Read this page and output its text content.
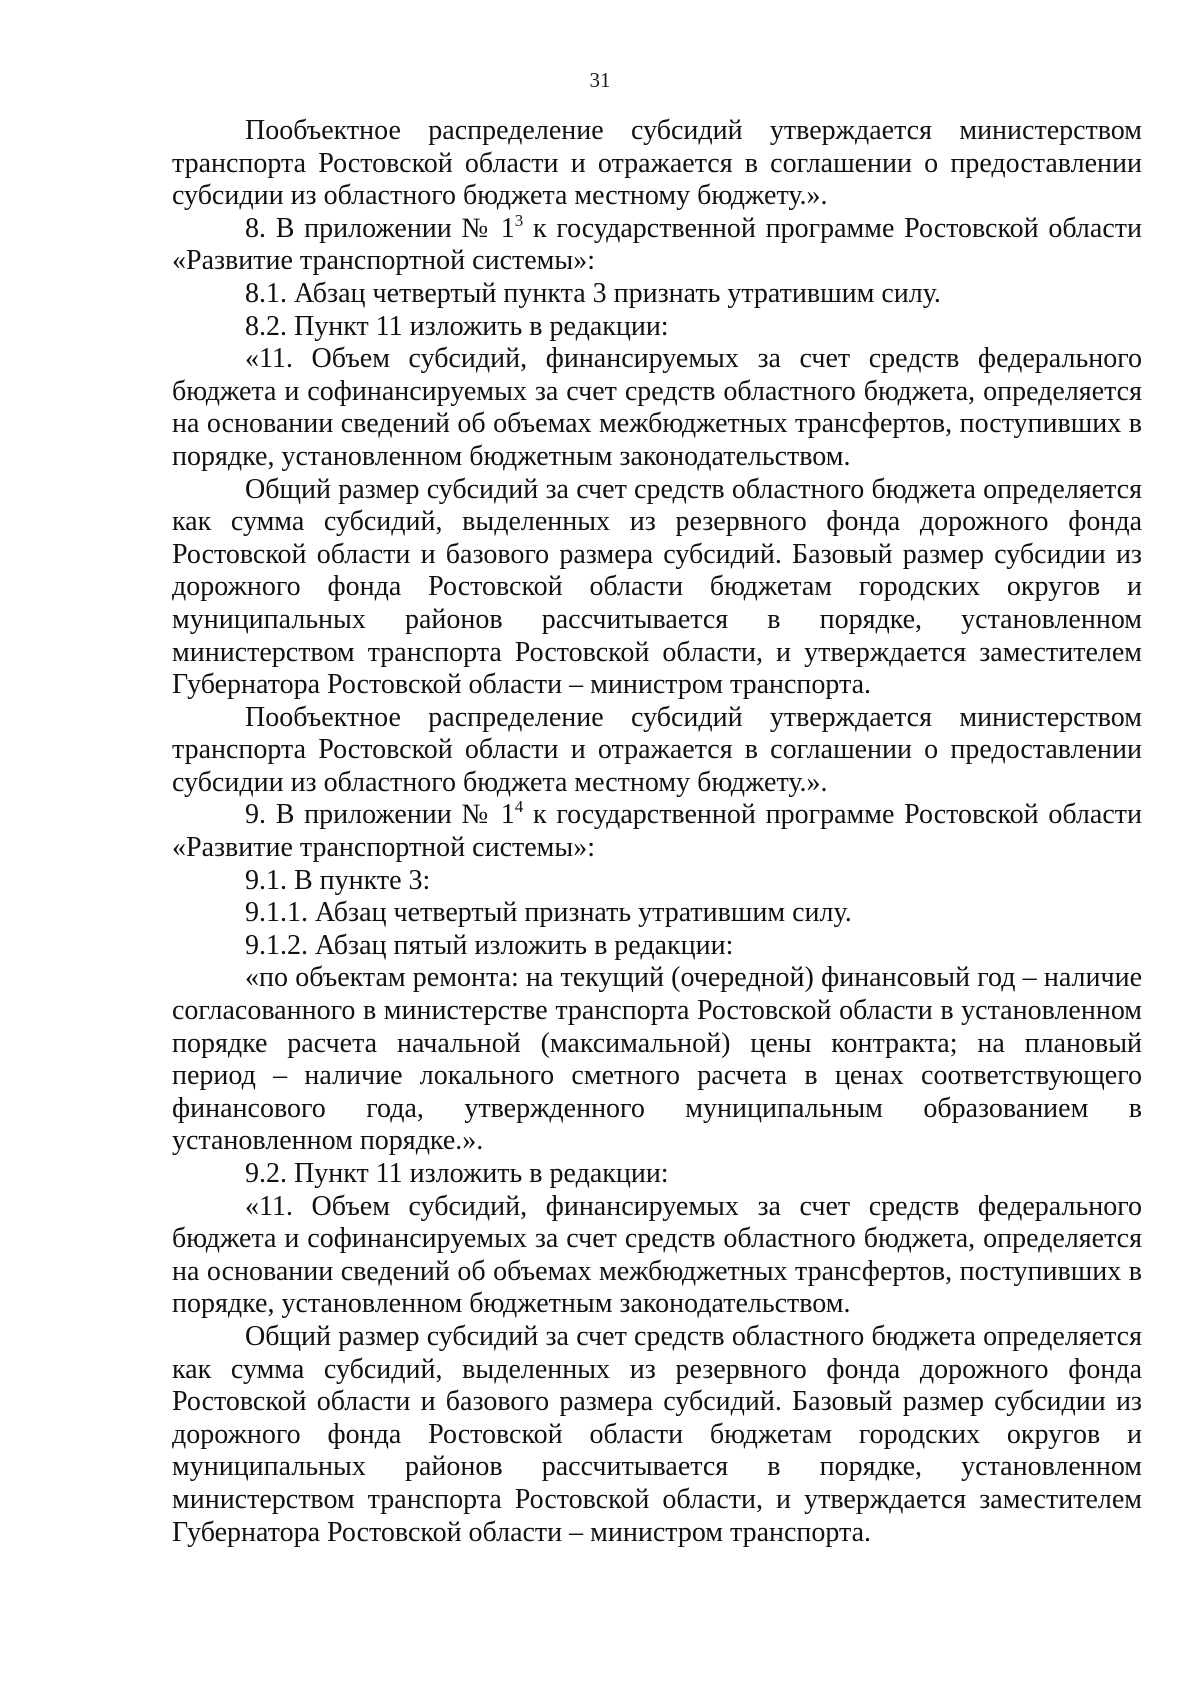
31

Пообъектное распределение субсидий утверждается министерством транспорта Ростовской области и отражается в соглашении о предоставлении субсидии из областного бюджета местному бюджету.».

8. В приложении № $1^3$ к государственной программе Ростовской области «Развитие транспортной системы»:

8.1. Абзац четвертый пункта 3 признать утратившим силу.

8.2. Пункт 11 изложить в редакции:

«11. Объем субсидий, финансируемых за счет средств федерального бюджета и софинансируемых за счет средств областного бюджета, определяется на основании сведений об объемах межбюджетных трансфертов, поступивших в порядке, установленном бюджетным законодательством.

Общий размер субсидий за счет средств областного бюджета определяется как сумма субсидий, выделенных из резервного фонда дорожного фонда Ростовской области и базового размера субсидий. Базовый размер субсидии из дорожного фонда Ростовской области бюджетам городских округов и муниципальных районов рассчитывается в порядке, установленном министерством транспорта Ростовской области, и утверждается заместителем Губернатора Ростовской области – министром транспорта.

Пообъектное распределение субсидий утверждается министерством транспорта Ростовской области и отражается в соглашении о предоставлении субсидии из областного бюджета местному бюджету.».

9. В приложении № $1^4$ к государственной программе Ростовской области «Развитие транспортной системы»:

9.1. В пункте 3:

9.1.1. Абзац четвертый признать утратившим силу.

9.1.2. Абзац пятый изложить в редакции:

«по объектам ремонта: на текущий (очередной) финансовый год – наличие согласованного в министерстве транспорта Ростовской области в установленном порядке расчета начальной (максимальной) цены контракта; на плановый период – наличие локального сметного расчета в ценах соответствующего финансового года, утвержденного муниципальным образованием в установленном порядке.».

9.2. Пункт 11 изложить в редакции:

«11. Объем субсидий, финансируемых за счет средств федерального бюджета и софинансируемых за счет средств областного бюджета, определяется на основании сведений об объемах межбюджетных трансфертов, поступивших в порядке, установленном бюджетным законодательством.

Общий размер субсидий за счет средств областного бюджета определяется как сумма субсидий, выделенных из резервного фонда дорожного фонда Ростовской области и базового размера субсидий. Базовый размер субсидии из дорожного фонда Ростовской области бюджетам городских округов и муниципальных районов рассчитывается в порядке, установленном министерством транспорта Ростовской области, и утверждается заместителем Губернатора Ростовской области – министром транспорта.
